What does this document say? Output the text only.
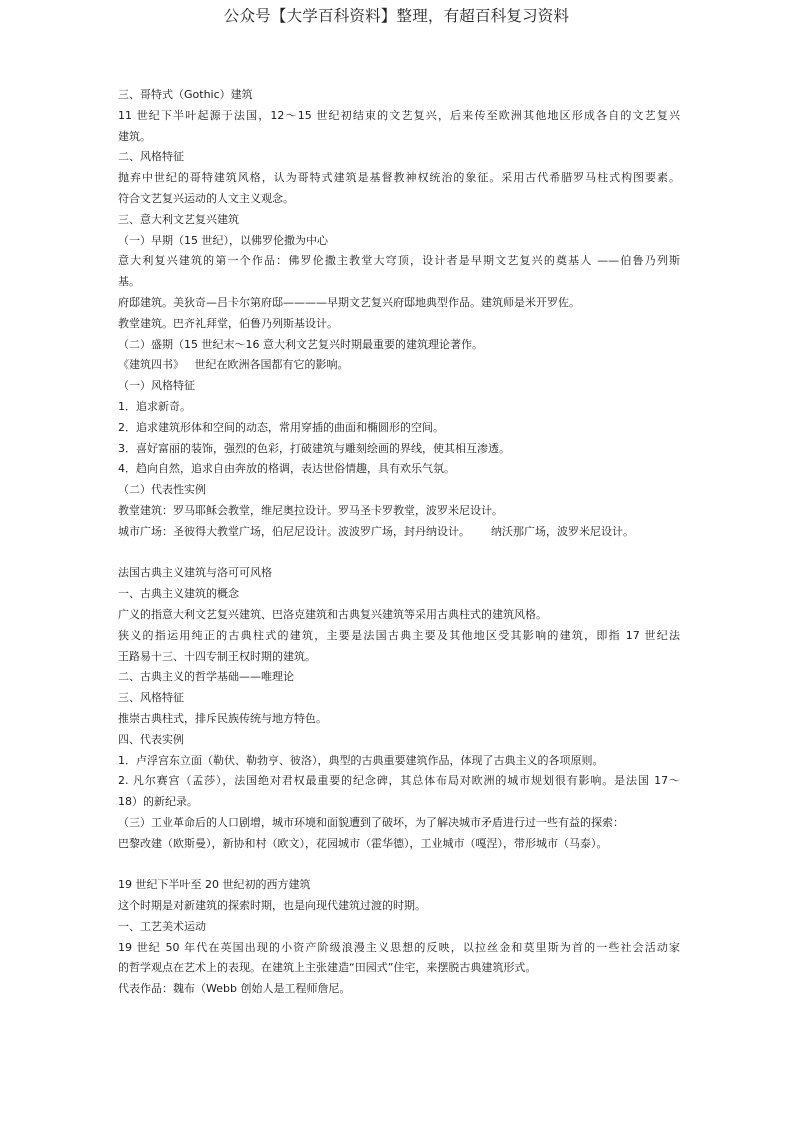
公众号【大学百科资料】整理，有超百科复习资料
三、哥特式（Gothic）建筑
11 世纪下半叶起源于法国，12～15 世纪初结束的文艺复兴，后来传至欧洲其他地区形成各自的文艺复兴
建筑。
二、风格特征
抛弃中世纪的哥特建筑风格，认为哥特式建筑是基督教神权统治的象征。采用古代希腊罗马柱式构图要素。
符合文艺复兴运动的人文主义观念。
三、意大利文艺复兴建筑
（一）早期（15 世纪），以佛罗伦撒为中心
意大利复兴建筑的第一个作品：佛罗伦撒主教堂大穹顶，设计者是早期文艺复兴的奠基人 ——伯鲁乃列斯
基。
府邸建筑。美狄奇—吕卡尔第府邸————早期文艺复兴府邸地典型作品。建筑师是米开罗佐。
教堂建筑。巴齐礼拜堂，伯鲁乃列斯基设计。
（二）盛期（15 世纪末～16 意大利文艺复兴时期最重要的建筑理论著作。
《建筑四书》   世纪在欧洲各国都有它的影响。
（一）风格特征
1．追求新奇。
2．追求建筑形体和空间的动态，常用穿插的曲面和椭圆形的空间。
3．喜好富丽的装饰，强烈的色彩，打破建筑与雕刻绘画的界线，使其相互渗透。
4．趋向自然，追求自由奔放的格调，表达世俗情趣，具有欢乐气氛。
（二）代表性实例
教堂建筑：罗马耶稣会教堂，维尼奥拉设计。罗马圣卡罗教堂，波罗米尼设计。
城市广场：圣彼得大教堂广场，伯尼尼设计。波波罗广场，封丹纳设计。      纳沃那广场，波罗米尼设计。
法国古典主义建筑与洛可可风格
一、古典主义建筑的概念
广义的指意大利文艺复兴建筑、巴洛克建筑和古典复兴建筑等采用古典柱式的建筑风格。
狭义的指运用纯正的古典柱式的建筑，主要是法国古典主要及其他地区受其影响的建筑，即指 17 世纪法
王路易十三、十四专制王权时期的建筑。
二、古典主义的哲学基础——唯理论
三、风格特征
推崇古典柱式，排斥民族传统与地方特色。
四、代表实例
1．卢浮宫东立面（勒伏、勒勃亨、彼洛），典型的古典重要建筑作品，体现了古典主义的各项原则。
2. 凡尔赛宫（孟莎），法国绝对君权最重要的纪念碑，其总体布局对欧洲的城市规划很有影响。是法国 17～
18）的新纪录。
（三）工业革命后的人口剧增，城市环境和面貌遭到了破坏，为了解决城市矛盾进行过一些有益的探索：
巴黎改建（欧斯曼），新协和村（欧文），花园城市（霍华德），工业城市（嘎涅），带形城市（马泰）。
19 世纪下半叶至 20 世纪初的西方建筑
这个时期是对新建筑的探索时期，也是向现代建筑过渡的时期。
一、工艺美术运动
19 世纪 50 年代在英国出现的小资产阶级浪漫主义思想的反映，以拉丝金和莫里斯为首的一些社会活动家
的哲学观点在艺术上的表现。在建筑上主张建造“田园式”住宅，来摆脱古典建筑形式。
代表作品：魏布（Webb 创始人是工程师詹尼。
